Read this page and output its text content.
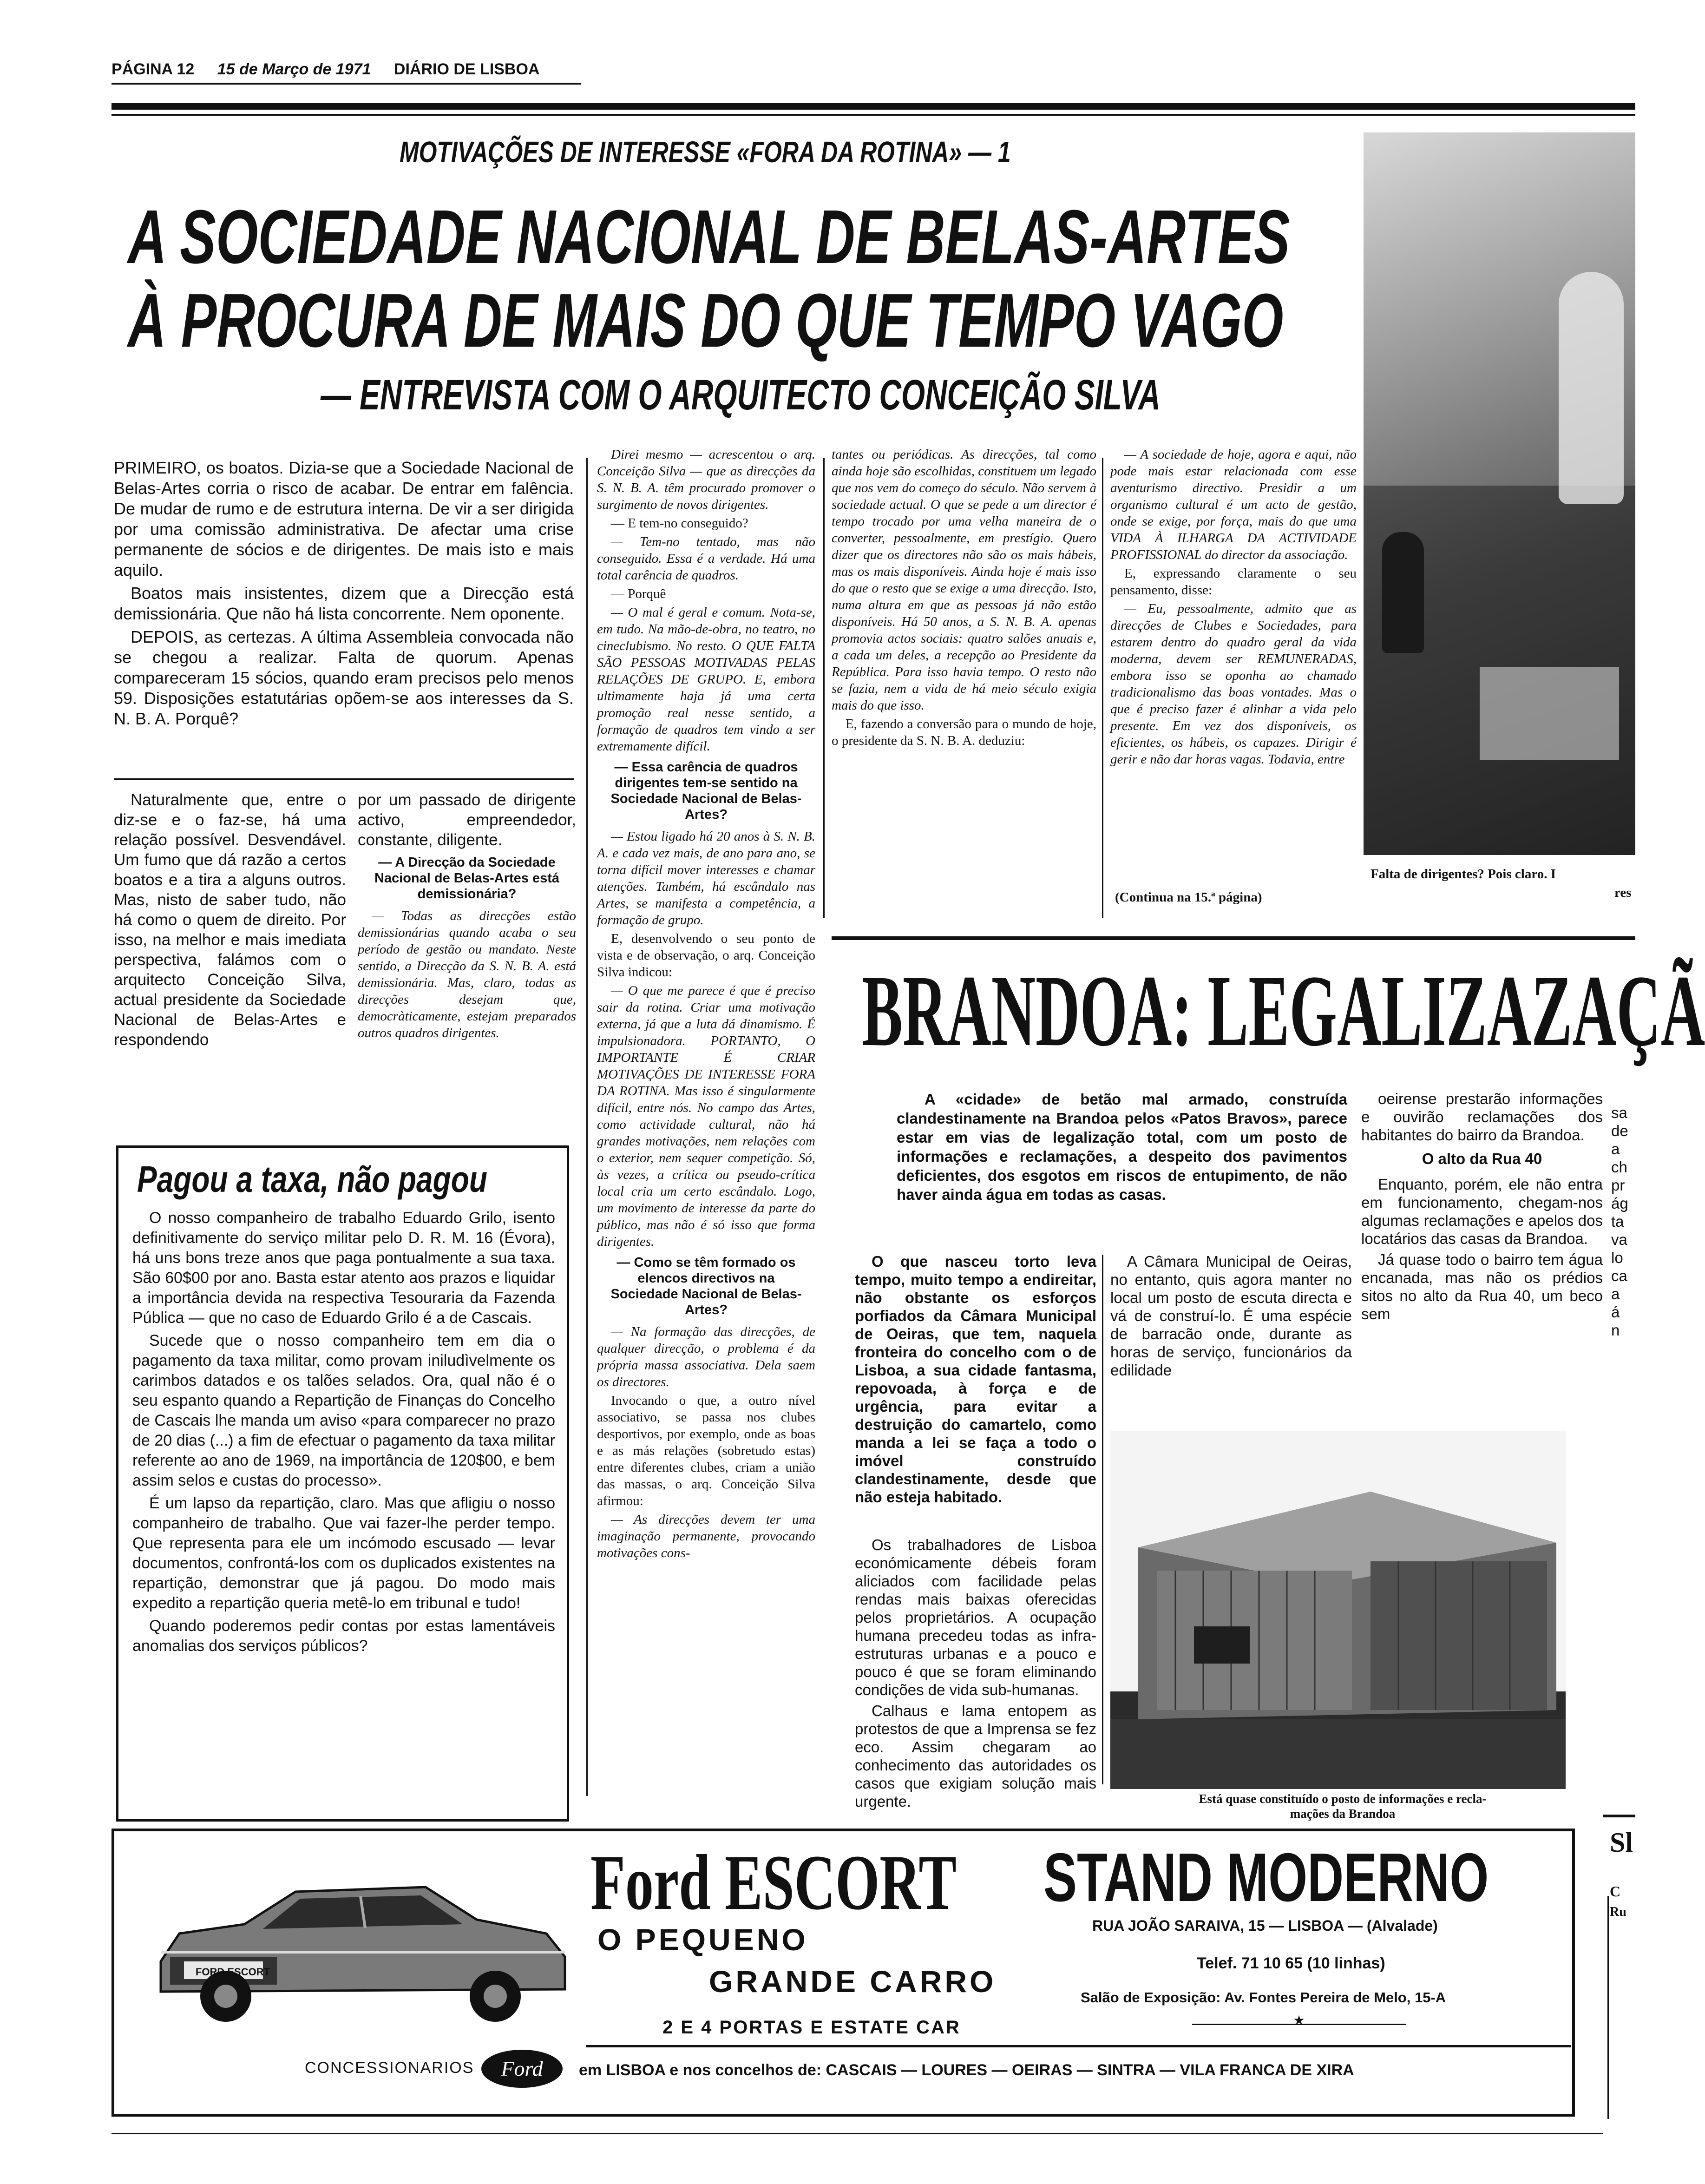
PÁGINA 12 15 de Março de 1971 DIÁRIO DE LISBOA
MOTIVAÇÕES DE INTERESSE «FORA DA ROTINA» — 1
A SOCIEDADE NACIONAL DE BELAS-ARTES
À PROCURA DE MAIS DO QUE TEMPO VAGO
— ENTREVISTA COM O ARQUITECTO CONCEIÇÃO SILVA
Falta de dirigentes? Pois claro. I
res

PRIMEIRO, os boatos. Dizia-se que a Sociedade Nacional de Belas-Artes corria o risco de acabar. De entrar em falência. De mudar de rumo e de estrutura interna. De vir a ser dirigida por uma comissão administrativa. De afectar uma crise permanente de sócios e de dirigentes. De mais isto e mais aquilo.

Boatos mais insistentes, dizem que a Direcção está demissionária. Que não há lista concorrente. Nem oponente.

DEPOIS, as certezas. A última Assembleia convocada não se chegou a realizar. Falta de quorum. Apenas compareceram 15 sócios, quando eram precisos pelo menos 59. Disposições estatutárias opõem-se aos interesses da S. N. B. A. Porquê?

Naturalmente que, entre o diz-se e o faz-se, há uma relação possível. Desvendável. Um fumo que dá razão a certos boatos e a tira a alguns outros. Mas, nisto de saber tudo, não há como o quem de direito. Por isso, na melhor e mais imediata perspectiva, falámos com o arquitecto Conceição Silva, actual presidente da Sociedade Nacional de Belas-Artes e respondendo

por um passado de dirigente activo, empreendedor, constante, diligente.

— A Direcção da Sociedade Nacional de Belas-Artes está demissionária?

— Todas as direcções estão demissionárias quando acaba o seu período de gestão ou mandato. Neste sentido, a Direcção da S. N. B. A. está demissionária. Mas, claro, todas as direcções desejam que, democràticamente, estejam preparados outros quadros dirigentes.

Pagou a taxa, não pagou

O nosso companheiro de trabalho Eduardo Grilo, isento definitivamente do serviço militar pelo D. R. M. 16 (Évora), há uns bons treze anos que paga pontualmente a sua taxa. São 60$00 por ano. Basta estar atento aos prazos e liquidar a importância devida na respectiva Tesouraria da Fazenda Pública — que no caso de Eduardo Grilo é a de Cascais.

Sucede que o nosso companheiro tem em dia o pagamento da taxa militar, como provam iniludìvelmente os carimbos datados e os talões selados. Ora, qual não é o seu espanto quando a Repartição de Finanças do Concelho de Cascais lhe manda um aviso «para comparecer no prazo de 20 dias (...) a fim de efectuar o pagamento da taxa militar referente ao ano de 1969, na importância de 120$00, e bem assim selos e custas do processo».

É um lapso da repartição, claro. Mas que afligiu o nosso companheiro de trabalho. Que vai fazer-lhe perder tempo. Que representa para ele um incómodo escusado — levar documentos, confrontá-los com os duplicados existentes na repartição, demonstrar que já pagou. Do modo mais expedito a repartição queria metê-lo em tribunal e tudo!

Quando poderemos pedir contas por estas lamentáveis anomalias dos serviços públicos?

Direi mesmo — acrescentou o arq. Conceição Silva — que as direcções da S. N. B. A. têm procurado promover o surgimento de novos dirigentes.

— E tem-no conseguido?

— Tem-no tentado, mas não conseguido. Essa é a verdade. Há uma total carência de quadros.

— Porquê

— O mal é geral e comum. Nota-se, em tudo. Na mão-de-obra, no teatro, no cineclubismo. No resto. O QUE FALTA SÃO PESSOAS MOTIVADAS PELAS RELAÇÕES DE GRUPO. E, embora ultimamente haja já uma certa promoção real nesse sentido, a formação de quadros tem vindo a ser extremamente difícil.

— Essa carência de quadros dirigentes tem-se sentido na Sociedade Nacional de Belas-Artes?

— Estou ligado há 20 anos à S. N. B. A. e cada vez mais, de ano para ano, se torna difícil mover interesses e chamar atenções. Também, há escândalo nas Artes, se manifesta a competência, a formação de grupo.

E, desenvolvendo o seu ponto de vista e de observação, o arq. Conceição Silva indicou:

— O que me parece é que é preciso sair da rotina. Criar uma motivação externa, já que a luta dá dinamismo. É impulsionadora. PORTANTO, O IMPORTANTE É CRIAR MOTIVAÇÕES DE INTERESSE FORA DA ROTINA. Mas isso é singularmente difícil, entre nós. No campo das Artes, como actividade cultural, não há grandes motivações, nem relações com o exterior, nem sequer competição. Só, às vezes, a crítica ou pseudo-crítica local cria um certo escândalo. Logo, um movimento de interesse da parte do público, mas não é só isso que forma dirigentes.

— Como se têm formado os elencos directivos na Sociedade Nacional de Belas-Artes?

— Na formação das direcções, de qualquer direcção, o problema é da própria massa associativa. Dela saem os directores.

Invocando o que, a outro nível associativo, se passa nos clubes desportivos, por exemplo, onde as boas e as más relações (sobretudo estas) entre diferentes clubes, criam a união das massas, o arq. Conceição Silva afirmou:

— As direcções devem ter uma imaginação permanente, provocando motivações cons-

tantes ou periódicas. As direcções, tal como ainda hoje são escolhidas, constituem um legado que nos vem do começo do século. Não servem à sociedade actual. O que se pede a um director é tempo trocado por uma velha maneira de o converter, pessoalmente, em prestígio. Quero dizer que os directores não são os mais hábeis, mas os mais disponíveis. Ainda hoje é mais isso do que o resto que se exige a uma direcção. Isto, numa altura em que as pessoas já não estão disponíveis. Há 50 anos, a S. N. B. A. apenas promovia actos sociais: quatro salões anuais e, a cada um deles, a recepção ao Presidente da República. Para isso havia tempo. O resto não se fazia, nem a vida de há meio século exigia mais do que isso.

E, fazendo a conversão para o mundo de hoje, o presidente da S. N. B. A. deduziu:

— A sociedade de hoje, agora e aqui, não pode mais estar relacionada com esse aventurismo directivo. Presidir a um organismo cultural é um acto de gestão, onde se exige, por força, mais do que uma VIDA À ILHARGA DA ACTIVIDADE PROFISSIONAL do director da associação.

E, expressando claramente o seu pensamento, disse:

— Eu, pessoalmente, admito que as direcções de Clubes e Sociedades, para estarem dentro do quadro geral da vida moderna, devem ser REMUNERADAS, embora isso se oponha ao chamado tradicionalismo das boas vontades. Mas o que é preciso fazer é alinhar a vida pelo presente. Em vez dos disponíveis, os eficientes, os hábeis, os capazes. Dirigir é gerir e não dar horas vagas. Todavia, entre

(Continua na 15.ª página)
BRANDOA: LEGALIZAZAÇÃ

A «cidade» de betão mal armado, construída clandestinamente na Brandoa pelos «Patos Bravos», parece estar em vias de legalização total, com um posto de informações e reclamações, a despeito dos pavimentos deficientes, dos esgotos em riscos de entupimento, de não haver ainda água em todas as casas.

O que nasceu torto leva tempo, muito tempo a endireitar, não obstante os esforços porfiados da Câmara Municipal de Oeiras, que tem, naquela fronteira do concelho com o de Lisboa, a sua cidade fantasma, repovoada, à força e de urgência, para evitar a destruição do camartelo, como manda a lei se faça a todo o imóvel construído clandestinamente, desde que não esteja habitado.

A Câmara Municipal de Oeiras, no entanto, quis agora manter no local um posto de escuta directa e vá de construí-lo. É uma espécie de barracão onde, durante as horas de serviço, funcionários da edilidade

oeirense prestarão informações e ouvirão reclamações dos habitantes do bairro da Brandoa.

O alto da Rua 40

Enquanto, porém, ele não entra em funcionamento, chegam-nos algumas reclamações e apelos dos locatários das casas da Brandoa.

Já quase todo o bairro tem água encanada, mas não os prédios sitos no alto da Rua 40, um beco sem

sa
de
a
ch
pr
ág
ta
va
lo
ca
a
á
n

Os trabalhadores de Lisboa económicamente débeis foram aliciados com facilidade pelas rendas mais baixas oferecidas pelos proprietários. A ocupação humana precedeu todas as infra-estruturas urbanas e a pouco e pouco é que se foram eliminando condições de vida sub-humanas.

Calhaus e lama entopem as protestos de que a Imprensa se fez eco. Assim chegaram ao conhecimento das autoridades os casos que exigiam solução mais urgente.	Está quase constituído o posto de informações e recla-
mações da Brandoa
Sl
C
Ru
FORD ESCORT
Ford ESCORT
O PEQUENO
GRANDE CARRO
2 E 4 PORTAS E ESTATE CAR
STAND MODERNO
RUA JOÃO SARAIVA, 15 — LISBOA — (Alvalade)
Telef. 71 10 65 (10 linhas)
Salão de Exposição: Av. Fontes Pereira de Melo, 15-A
★
CONCESSIONARIOS	Ford	em LISBOA e nos concelhos de: CASCAIS — LOURES — OEIRAS — SINTRA — VILA FRANCA DE XIRA
